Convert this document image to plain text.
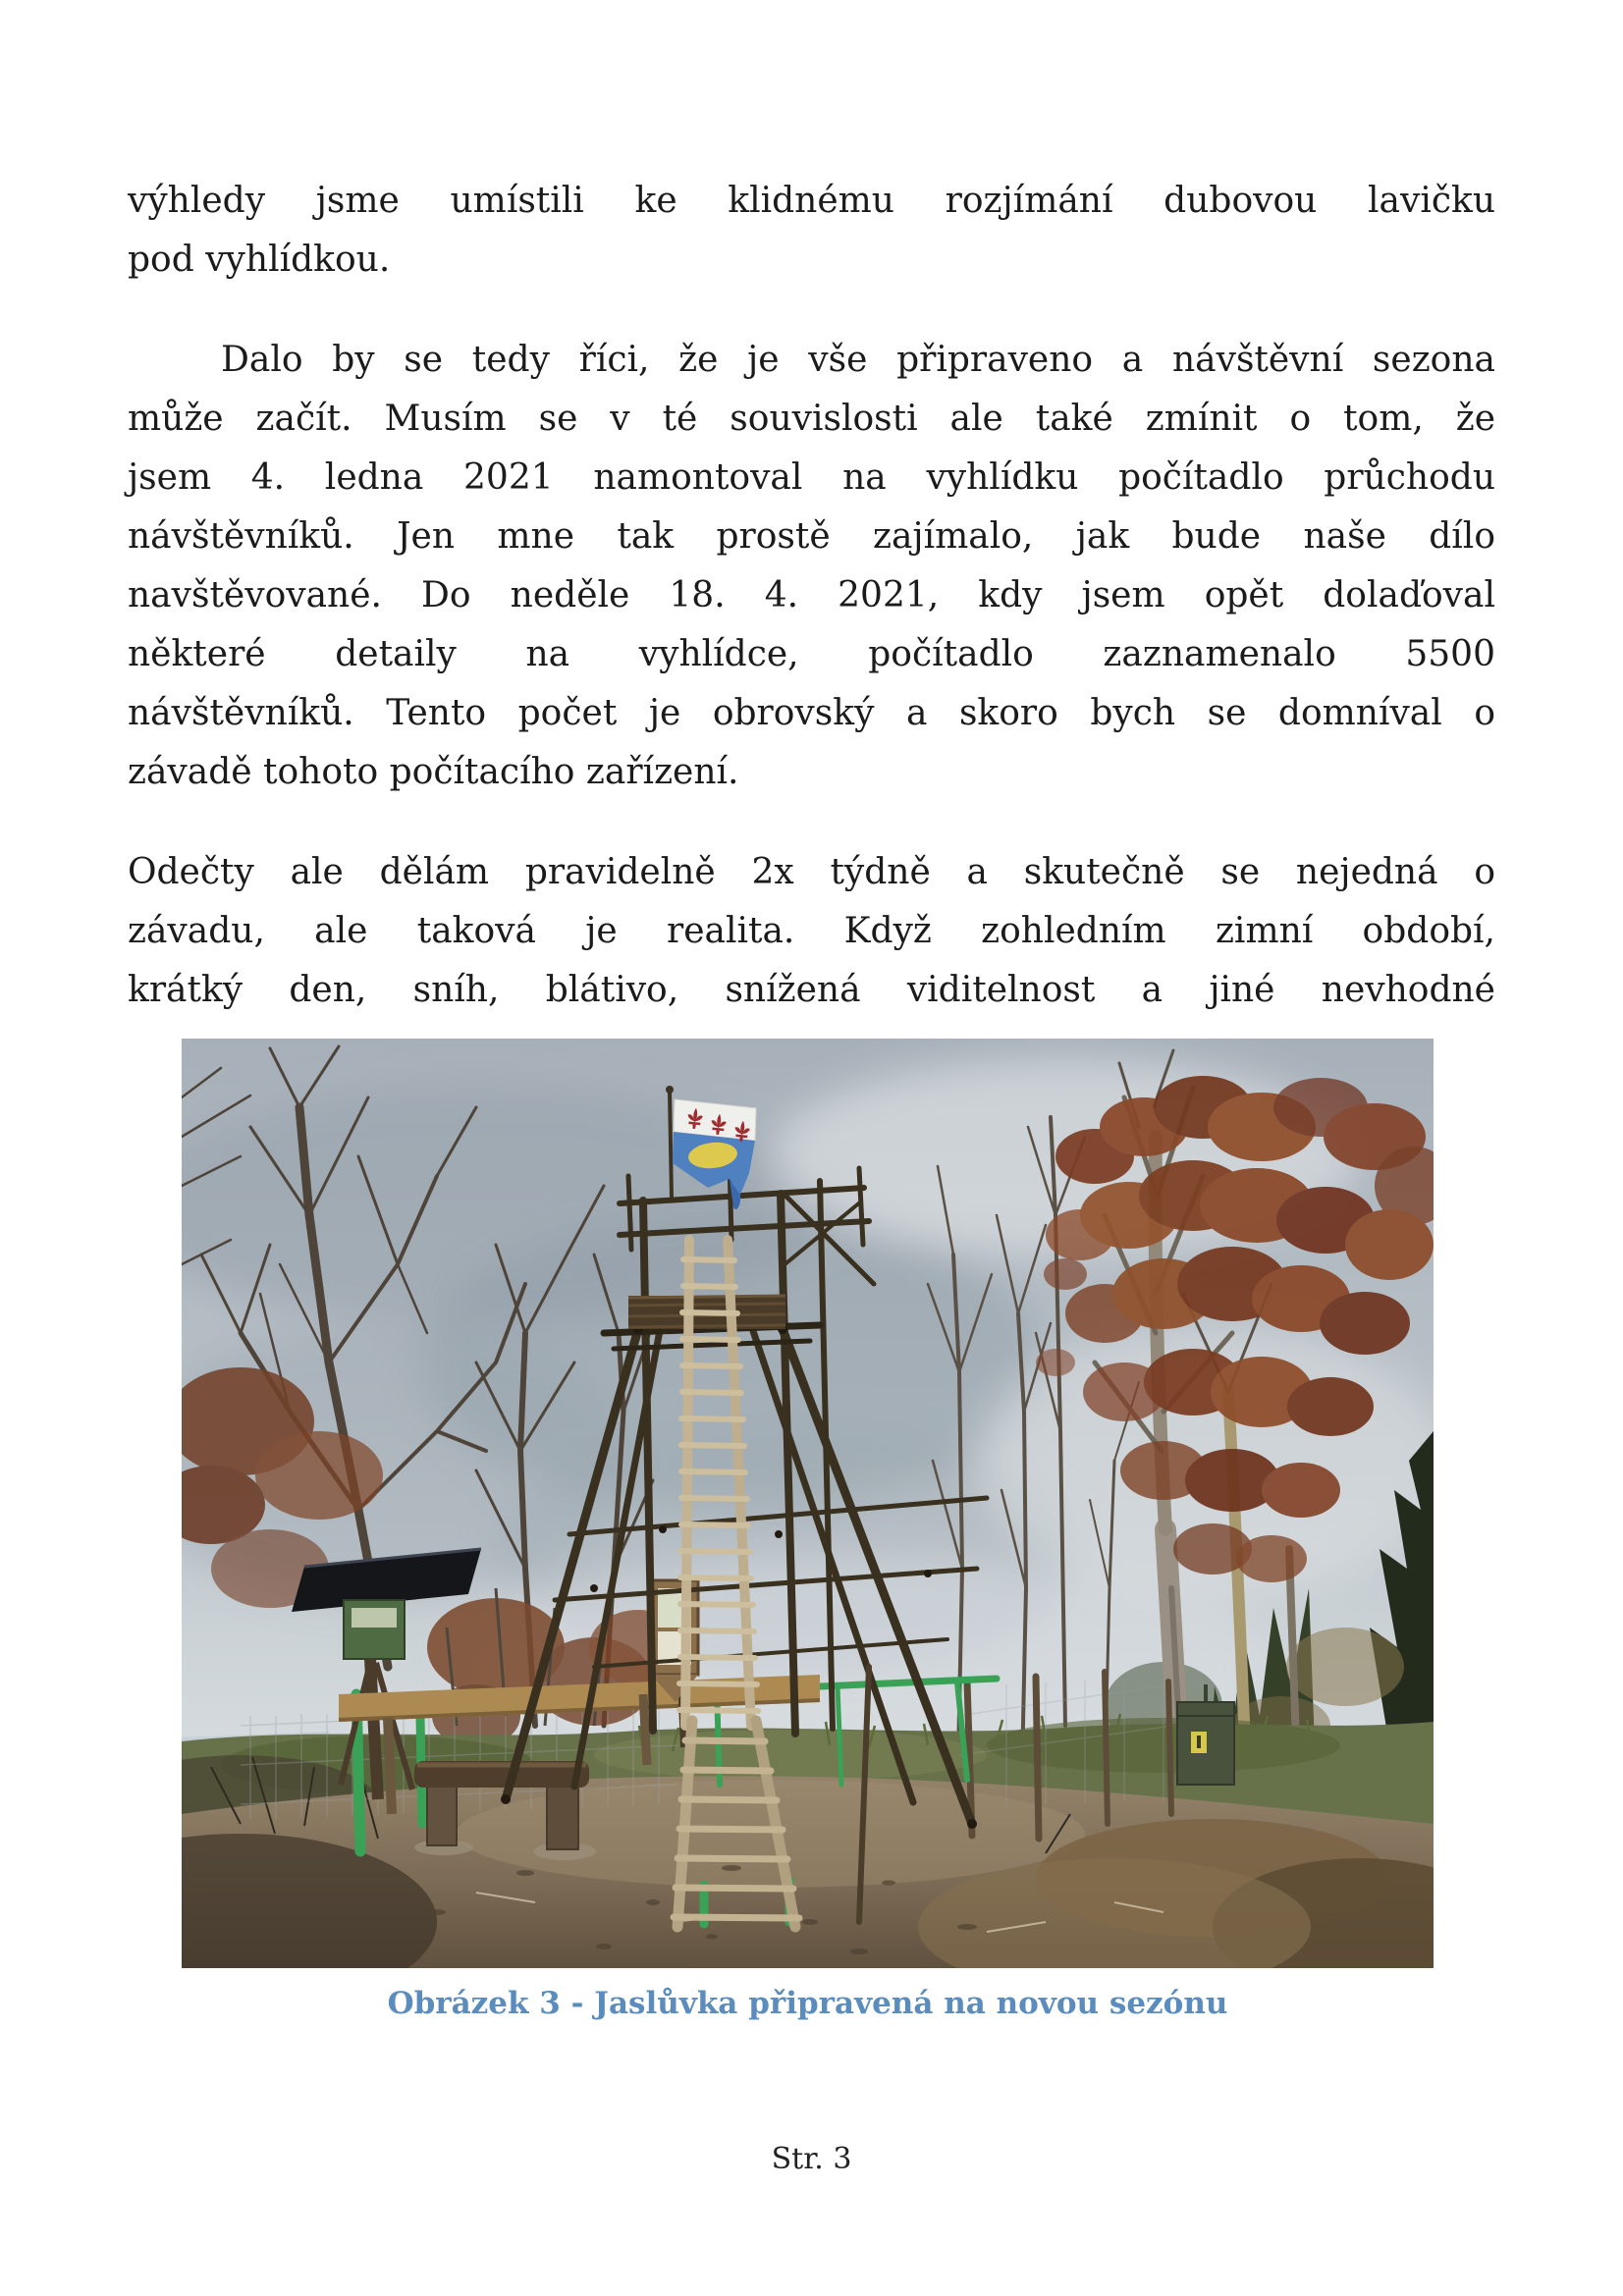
výhledy jsme umístili ke klidnému rozjímání dubovou lavičku
pod vyhlídkou.
Dalo by se tedy říci, že je vše připraveno a návštěvní sezona
může začít. Musím se v té souvislosti ale také zmínit o tom, že
jsem 4. ledna 2021 namontoval na vyhlídku počítadlo průchodu
návštěvníků. Jen mne tak prostě zajímalo, jak bude naše dílo
navštěvované. Do neděle 18. 4. 2021, kdy jsem opět dolaďoval
některé detaily na vyhlídce, počítadlo zaznamenalo 5500
návštěvníků. Tento počet je obrovský a skoro bych se domníval o
závadě tohoto počítacího zařízení.
Odečty ale dělám pravidelně 2x týdně a skutečně se nejedná o
závadu, ale taková je realita. Když zohledním zimní období,
krátký den, sníh, blátivo, snížená viditelnost a jiné nevhodné
Obrázek 3 - Jaslůvka připravená na novou sezónu
Str. 3
